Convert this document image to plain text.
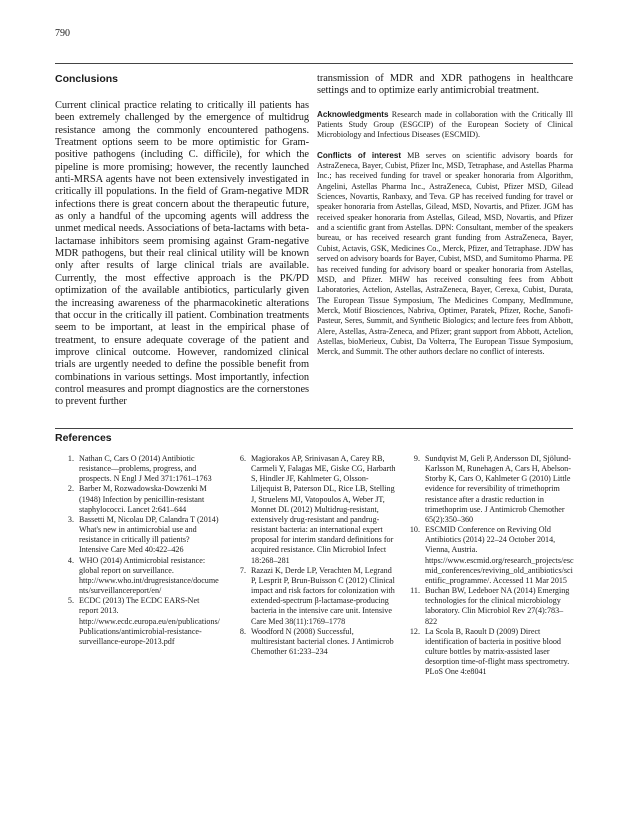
790
Conclusions

Current clinical practice relating to critically ill patients has been extremely challenged by the emergence of multidrug resistance among the commonly encountered pathogens. Treatment options seem to be more optimistic for Gram-positive pathogens (including C. difficile), for which the pipeline is more promising; however, the recently launched anti-MRSA agents have not been extensively investigated in critically ill populations. In the field of Gram-negative MDR infections there is great concern about the therapeutic future, as only a handful of the upcoming agents will address the unmet medical needs. Associations of beta-lactams with beta-lactamase inhibitors seem promising against Gram-negative MDR pathogens, but their real clinical utility will be known only after results of large clinical trials are available. Currently, the most effective approach is the PK/PD optimization of the available antibiotics, particularly given the increasing awareness of the pharmacokinetic alterations that occur in the critically ill patient. Combination treatments seem to be important, at least in the empirical phase of treatment, to ensure adequate coverage of the patient and improve clinical outcome. However, randomized clinical trials are urgently needed to define the possible benefit from combinations in various settings. Most importantly, infection control measures and prompt diagnostics are the cornerstones to prevent further

transmission of MDR and XDR pathogens in healthcare settings and to optimize early antimicrobial treatment.

Acknowledgments Research made in collaboration with the Critically Ill Patients Study Group (ESGCIP) of the European Society of Clinical Microbiology and Infectious Diseases (ESCMID).

Conflicts of interest MB serves on scientific advisory boards for AstraZeneca, Bayer, Cubist, Pfizer Inc, MSD, Tetraphase, and Astellas Pharma Inc.; has received funding for travel or speaker honoraria from Algorithm, Angelini, Astellas Pharma Inc., AstraZeneca, Cubist, Pfizer MSD, Gilead Sciences, Novartis, Ranbaxy, and Teva. GP has received funding for travel or speaker honoraria from Astellas, Gilead, MSD, Novartis, and Pfizer. JGM has received speaker honoraria from Astellas, Gilead, MSD, Novartis, and Pfizer and a scientific grant from Astellas. DPN: Consultant, member of the speakers bureau, or has received research grant funding from AstraZeneca, Bayer, Cubist, Actavis, GSK, Medicines Co., Merck, Pfizer, and Tetraphase. JDW has served on advisory boards for Bayer, Cubist, MSD, and Sumitomo Pharma. PE has received funding for advisory board or speaker honoraria from Astellas, MSD, and Pfizer. MHW has received consulting fees from Abbott Laboratories, Actelion, Astellas, AstraZeneca, Bayer, Cerexa, Cubist, Durata, The European Tissue Symposium, The Medicines Company, MedImmune, Merck, Motif Biosciences, Nabriva, Optimer, Paratek, Pfizer, Roche, Sanofi-Pasteur, Seres, Summit, and Synthetic Biologics; and lecture fees from Abbott, Alere, Astellas, Astra-Zeneca, and Pfizer; grant support from Abbott, Actelion, Astellas, bioMerieux, Cubist, Da Volterra, The European Tissue Symposium, Merck, and Summit. The other authors declare no conflict of interests.

References
1. Nathan C, Cars O (2014) Antibiotic resistance—problems, progress, and prospects. N Engl J Med 371:1761–1763
2. Barber M, Rozwadowska-Dowzenki M (1948) Infection by penicillin-resistant staphylococci. Lancet 2:641–644
3. Bassetti M, Nicolau DP, Calandra T (2014) What's new in antimicrobial use and resistance in critically ill patients? Intensive Care Med 40:422–426
4. WHO (2014) Antimicrobial resistance: global report on surveillance. http://www.who.int/drugresistance/documents/surveillancereport/en/
5. ECDC (2013) The ECDC EARS-Net report 2013. http://www.ecdc.europa.eu/en/publications/Publications/antimicrobial-resistance-surveillance-europe-2013.pdf
6. Magiorakos AP, Srinivasan A, Carey RB, Carmeli Y, Falagas ME, Giske CG, Harbarth S, Hindler JF, Kahlmeter G, Olsson-Liljequist B, Paterson DL, Rice LB, Stelling J, Struelens MJ, Vatopoulos A, Weber JT, Monnet DL (2012) Multidrug-resistant, extensively drug-resistant and pandrug-resistant bacteria: an international expert proposal for interim standard definitions for acquired resistance. Clin Microbiol Infect 18:268–281
7. Razazi K, Derde LP, Verachten M, Legrand P, Lesprit P, Brun-Buisson C (2012) Clinical impact and risk factors for colonization with extended-spectrum β-lactamase-producing bacteria in the intensive care unit. Intensive Care Med 38(11):1769–1778
8. Woodford N (2008) Successful, multiresistant bacterial clones. J Antimicrob Chemother 61:233–234
9. Sundqvist M, Geli P, Andersson DI, Sjölund-Karlsson M, Runehagen A, Cars H, Abelson-Storby K, Cars O, Kahlmeter G (2010) Little evidence for reversibility of trimethoprim resistance after a drastic reduction in trimethoprim use. J Antimicrob Chemother 65(2):350–360
10. ESCMID Conference on Reviving Old Antibiotics (2014) 22–24 October 2014, Vienna, Austria. https://www.escmid.org/research_projects/escmid_conferences/reviving_old_antibiotics/scientific_programme/. Accessed 11 Mar 2015
11. Buchan BW, Ledeboer NA (2014) Emerging technologies for the clinical microbiology laboratory. Clin Microbiol Rev 27(4):783–822
12. La Scola B, Raoult D (2009) Direct identification of bacteria in positive blood culture bottles by matrix-assisted laser desorption time-of-flight mass spectrometry. PLoS One 4:e8041
